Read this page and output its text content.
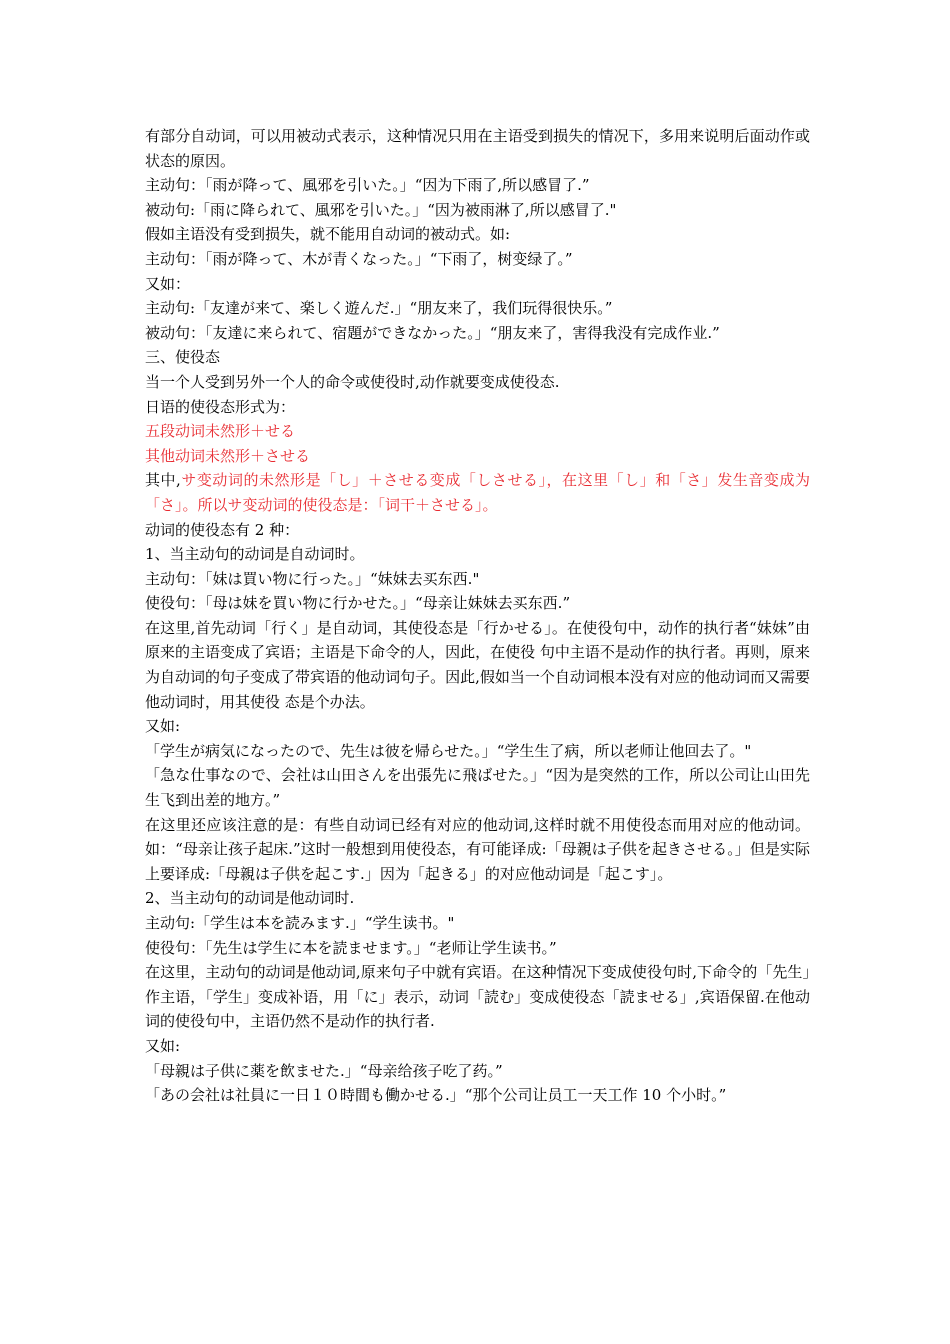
有部分自动词，可以用被动式表示，这种情况只用在主语受到损失的情况下，多用来说明后面动作或状态的原因。
主动句：「雨が降って、風邪を引いた。」“因为下雨了,所以感冒了.”
被动句:「雨に降られて、風邪を引いた。」“因为被雨淋了,所以感冒了."
假如主语没有受到损失，就不能用自动词的被动式。如:
主动句：「雨が降って、木が青くなった。」“下雨了，树变绿了。”
又如：
主动句:「友達が来て、楽しく遊んだ.」“朋友来了，我们玩得很快乐。”
被动句：「友達に来られて、宿題ができなかった。」“朋友来了，害得我没有完成作业.”
三、使役态
当一个人受到另外一个人的命令或使役时,动作就要变成使役态.
日语的使役态形式为：
五段动词未然形＋せる
其他动词未然形＋させる
其中,サ变动词的未然形是「し」＋させる变成「しさせる」，在这里「し」和「さ」发生音变成为「さ」。所以サ变动词的使役态是：「词干＋させる」。
动词的使役态有 2 种：
1、当主动句的动词是自动词时。
主动句：「妹は買い物に行った。」“妹妹去买东西."
使役句：「母は妹を買い物に行かせた。」“母亲让妹妹去买东西.”
在这里,首先动词「行く」是自动词，其使役态是「行かせる」。在使役句中，动作的执行者“妹妹”由原来的主语变成了宾语；主语是下命令的人，因此，在使役 句中主语不是动作的执行者。再则，原来为自动词的句子变成了带宾语的他动词句子。因此,假如当一个自动词根本没有对应的他动词而又需要他动词时，用其使役 态是个办法。
又如:
「学生が病気になったので、先生は彼を帰らせた。」“学生生了病，所以老师让他回去了。"
「急な仕事なので、会社は山田さんを出張先に飛ばせた。」“因为是突然的工作，所以公司让山田先生飞到出差的地方。”
在这里还应该注意的是：有些自动词已经有对应的他动词,这样时就不用使役态而用对应的他动词。如：“母亲让孩子起床.”这时一般想到用使役态，有可能译成:「母親は子供を起きさせる。」但是实际上要译成:「母親は子供を起こす.」因为「起きる」的对应他动词是「起こす」。
2、当主动句的动词是他动词时.
主动句:「学生は本を読みます.」“学生读书。"
使役句：「先生は学生に本を読ませます。」“老师让学生读书。”
在这里，主动句的动词是他动词,原来句子中就有宾语。在这种情况下变成使役句时,下命令的「先生」作主语，「学生」变成补语，用「に」表示，动词「読む」变成使役态「読ませる」,宾语保留.在他动词的使役句中，主语仍然不是动作的执行者.
又如:
「母親は子供に薬を飲ませた.」“母亲给孩子吃了药。”
「あの会社は社員に一日１０時間も働かせる.」“那个公司让员工一天工作 10 个小时。”
